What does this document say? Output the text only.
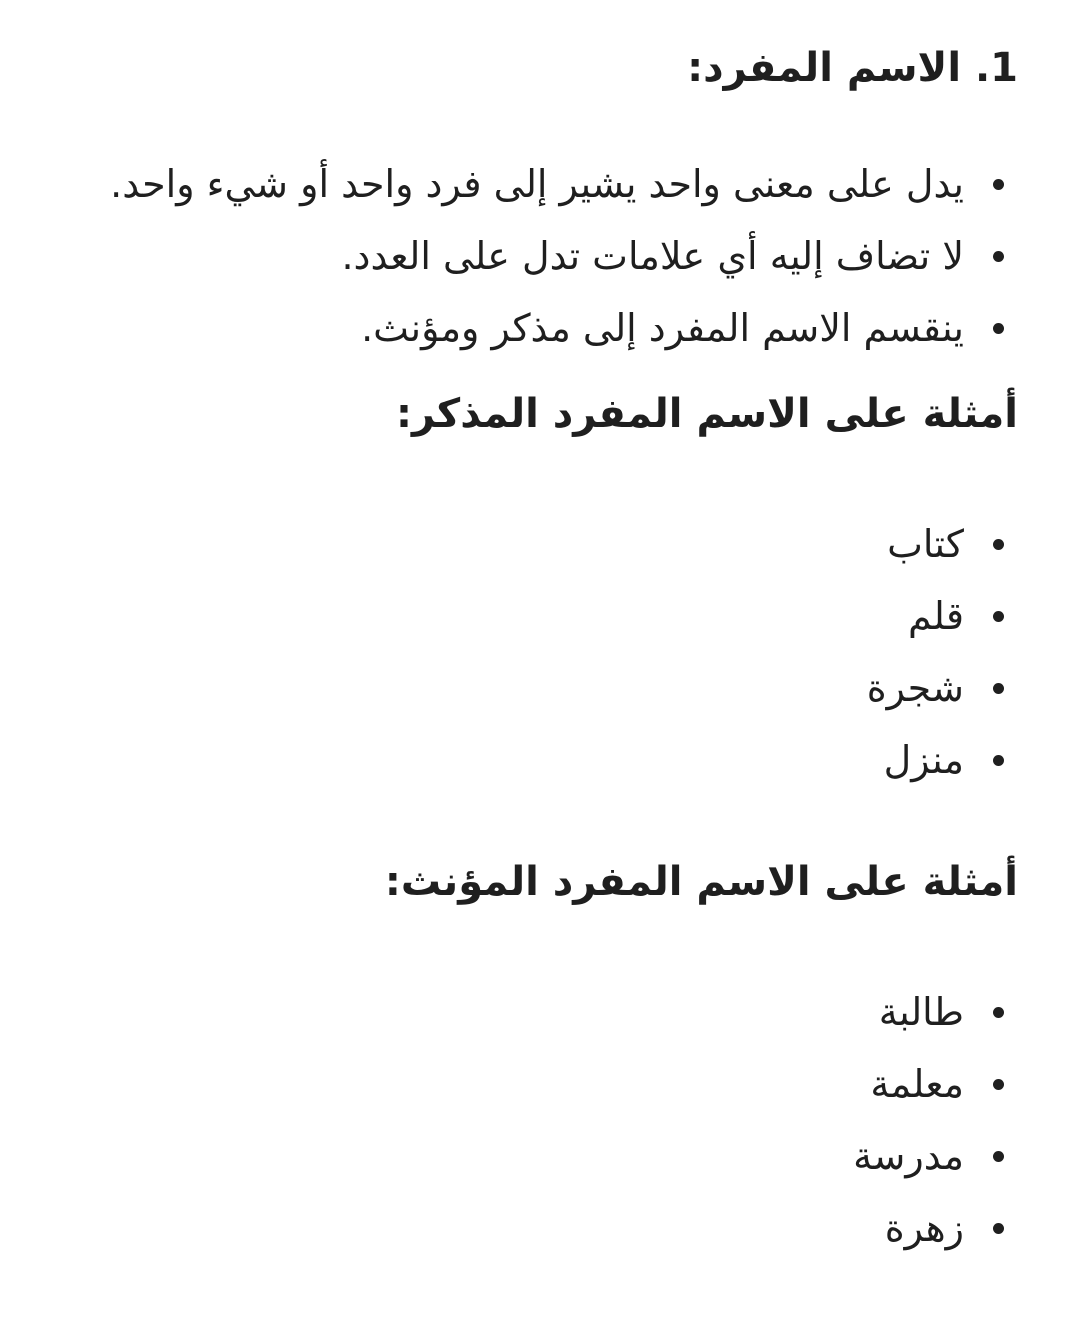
1. الاسم المفرد:
يدل على معنى واحد يشير إلى فرد واحد أو شيء واحد.
لا تضاف إليه أي علامات تدل على العدد.
ينقسم الاسم المفرد إلى مذكر ومؤنث.
أمثلة على الاسم المفرد المذكر:
كتاب
قلم
شجرة
منزل
أمثلة على الاسم المفرد المؤنث:
طالبة
معلمة
مدرسة
زهرة
